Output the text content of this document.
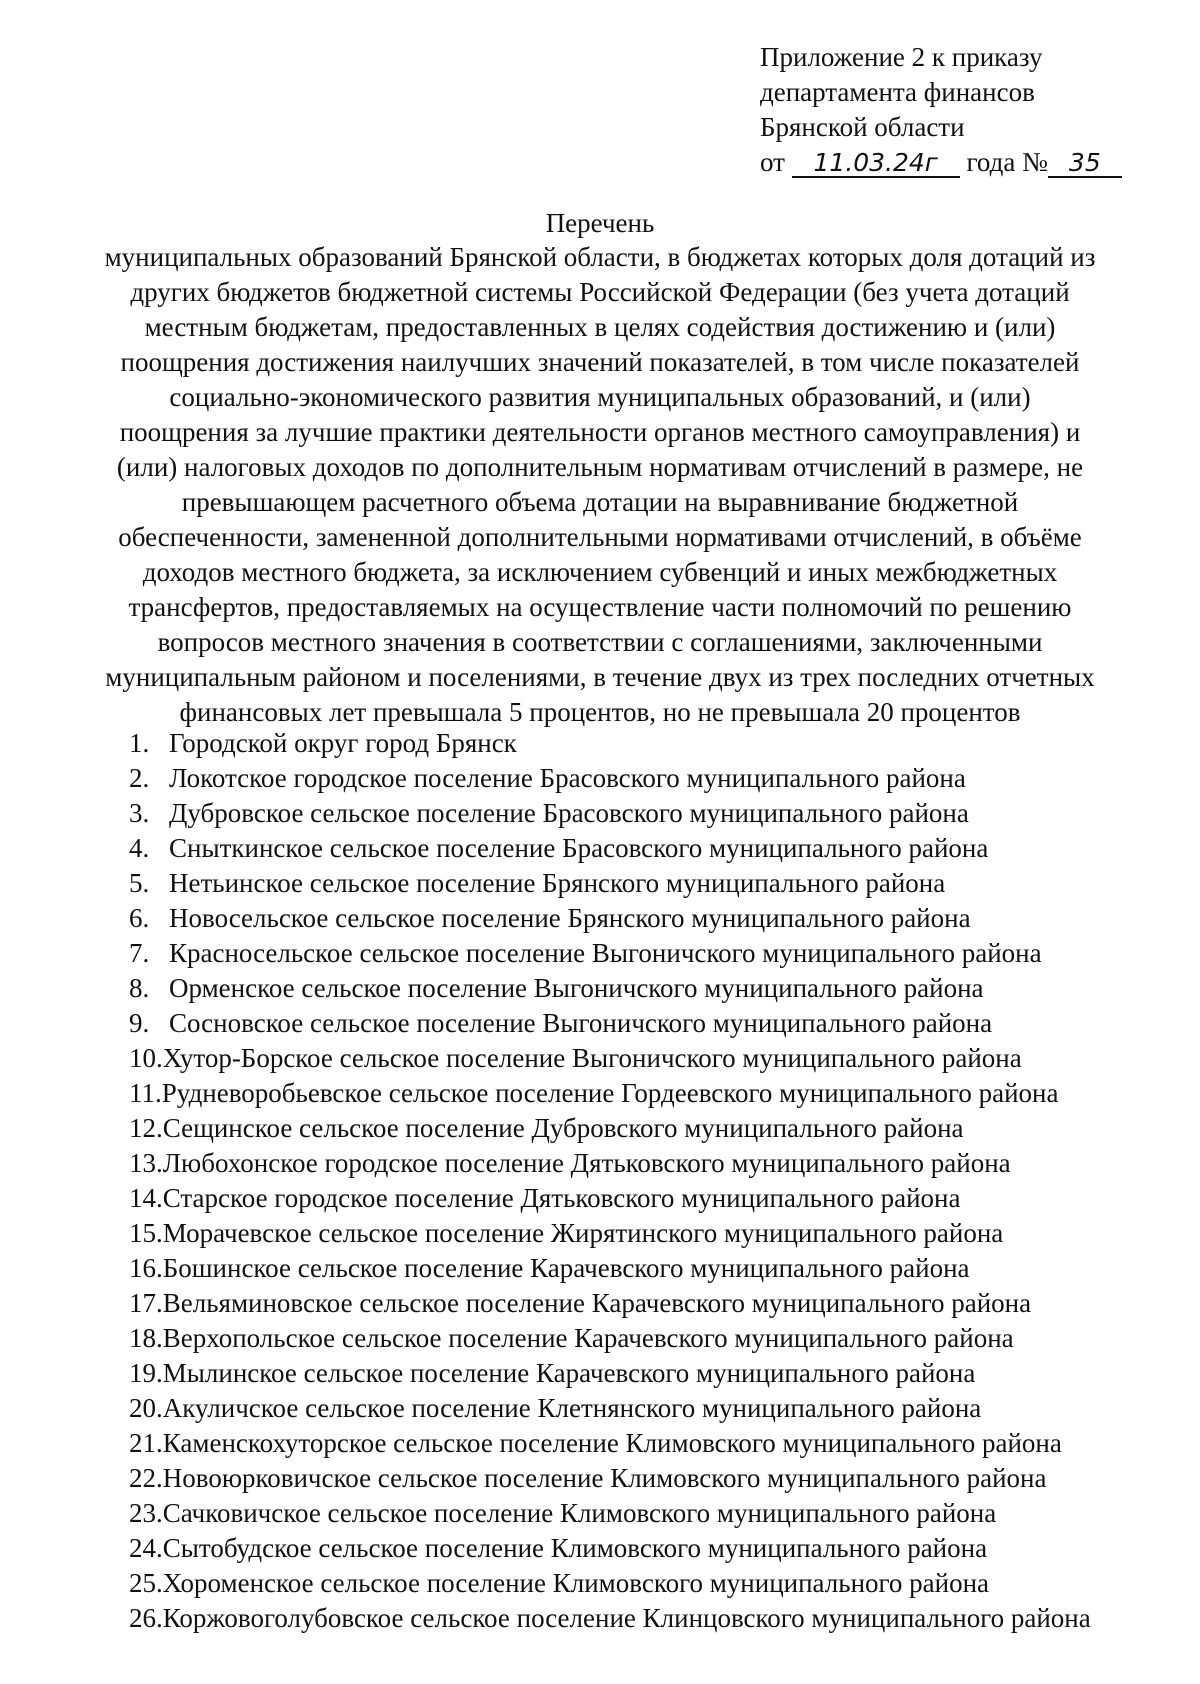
Приложение 2 к приказу
департамента финансов
Брянской области
от 11.03.24г года № 35
Перечень
муниципальных образований Брянской области, в бюджетах которых доля дотаций из
других бюджетов бюджетной системы Российской Федерации (без учета дотаций
местным бюджетам, предоставленных в целях содействия достижению и (или)
поощрения достижения наилучших значений показателей, в том числе показателей
социально-экономического развития муниципальных образований, и (или)
поощрения за лучшие практики деятельности органов местного самоуправления) и
(или) налоговых доходов по дополнительным нормативам отчислений в размере, не
превышающем расчетного объема дотации на выравнивание бюджетной
обеспеченности, замененной дополнительными нормативами отчислений, в объёме
доходов местного бюджета, за исключением субвенций и иных межбюджетных
трансфертов, предоставляемых на осуществление части полномочий по решению
вопросов местного значения в соответствии с соглашениями, заключенными
муниципальным районом и поселениями, в течение двух из трех последних отчетных
финансовых лет превышала 5 процентов, но не превышала 20 процентов
1. Городской округ город Брянск
2. Локотское городское поселение Брасовского муниципального района
3. Дубровское сельское поселение Брасовского муниципального района
4. Сныткинское сельское поселение Брасовского муниципального района
5. Нетьинское сельское поселение Брянского муниципального района
6. Новосельское сельское поселение Брянского муниципального района
7. Красносельское сельское поселение Выгоничского муниципального района
8. Орменское сельское поселение Выгоничского муниципального района
9. Сосновское сельское поселение Выгоничского муниципального района
10. Хутор-Борское сельское поселение Выгоничского муниципального района
11. Рудневоробьевское сельское поселение Гордеевского муниципального района
12. Сещинское сельское поселение Дубровского муниципального района
13. Любохонское городское поселение Дятьковского муниципального района
14. Старское городское поселение Дятьковского муниципального района
15. Морачевское сельское поселение Жирятинского муниципального района
16. Бошинское сельское поселение Карачевского муниципального района
17. Вельяминовское сельское поселение Карачевского муниципального района
18. Верхопольское сельское поселение Карачевского муниципального района
19. Мылинское сельское поселение Карачевского муниципального района
20. Акуличское сельское поселение Клетнянского муниципального района
21. Каменскохуторское сельское поселение Климовского муниципального района
22. Новоюрковичское сельское поселение Климовского муниципального района
23. Сачковичское сельское поселение Климовского муниципального района
24. Сытобудское сельское поселение Климовского муниципального района
25. Хороменское сельское поселение Климовского муниципального района
26. Коржовоголубовское сельское поселение Клинцовского муниципального района
